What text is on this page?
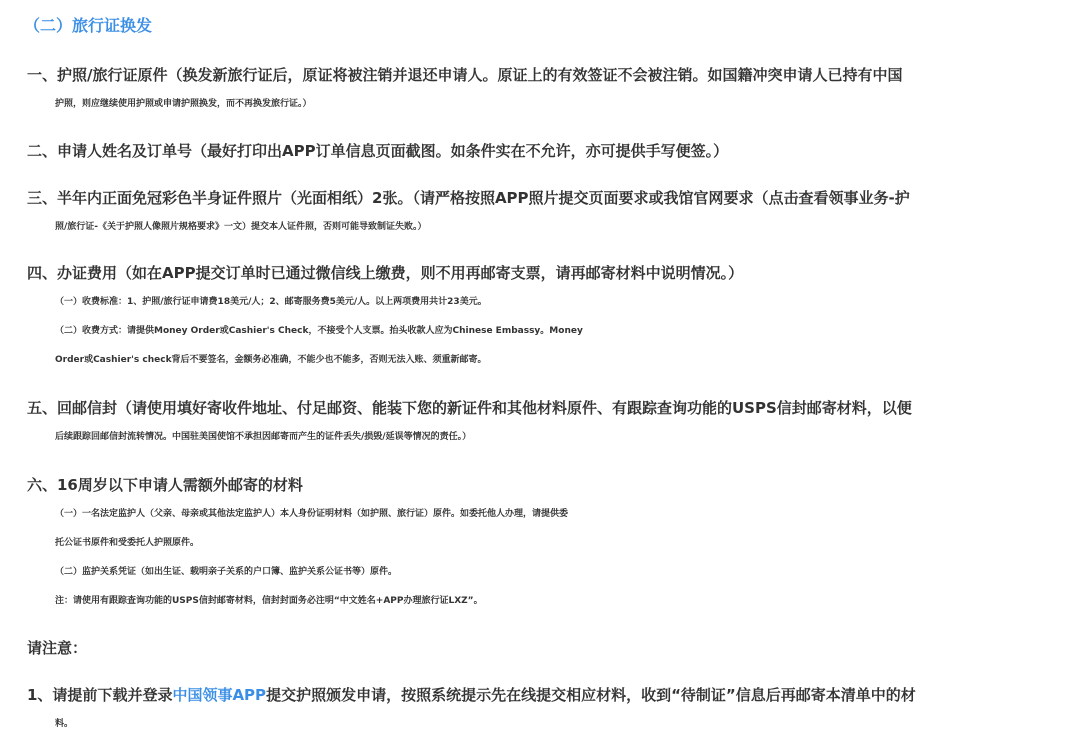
（二）旅行证换发
一、护照/旅行证原件（换发新旅行证后，原证将被注销并退还申请人。原证上的有效签证不会被注销。如国籍冲突申请人已持有中国
护照，则应继续使用护照或申请护照换发，而不再换发旅行证。）
二、申请人姓名及订单号（最好打印出APP订单信息页面截图。如条件实在不允许，亦可提供手写便签。）
三、半年内正面免冠彩色半身证件照片（光面相纸）2张。（请严格按照APP照片提交页面要求或我馆官网要求（点击查看领事业务-护
照/旅行证-《关于护照人像照片规格要求》一文）提交本人证件照，否则可能导致制证失败。）
四、办证费用（如在APP提交订单时已通过微信线上缴费，则不用再邮寄支票，请再邮寄材料中说明情况。）
（一）收费标准：1、护照/旅行证申请费18美元/人；2、邮寄服务费5美元/人。以上两项费用共计23美元。
（二）收费方式：请提供Money Order或Cashier's Check，不接受个人支票。抬头收款人应为Chinese Embassy。Money
Order或Cashier's check背后不要签名，金额务必准确，不能少也不能多，否则无法入账、须重新邮寄。
五、回邮信封（请使用填好寄收件地址、付足邮资、能装下您的新证件和其他材料原件、有跟踪查询功能的USPS信封邮寄材料，以便
后续跟踪回邮信封流转情况。中国驻美国使馆不承担因邮寄而产生的证件丢失/损毁/延误等情况的责任。）
六、16周岁以下申请人需额外邮寄的材料
（一）一名法定监护人（父亲、母亲或其他法定监护人）本人身份证明材料（如护照、旅行证）原件。如委托他人办理，请提供委
托公证书原件和受委托人护照原件。
（二）监护关系凭证（如出生证、载明亲子关系的户口簿、监护关系公证书等）原件。
注：请使用有跟踪查询功能的USPS信封邮寄材料，信封封面务必注明“中文姓名+APP办理旅行证LXZ”。
请注意：
1、请提前下载并登录中国领事APP提交护照颁发申请，按照系统提示先在线提交相应材料，收到“待制证”信息后再邮寄本清单中的材
料。
